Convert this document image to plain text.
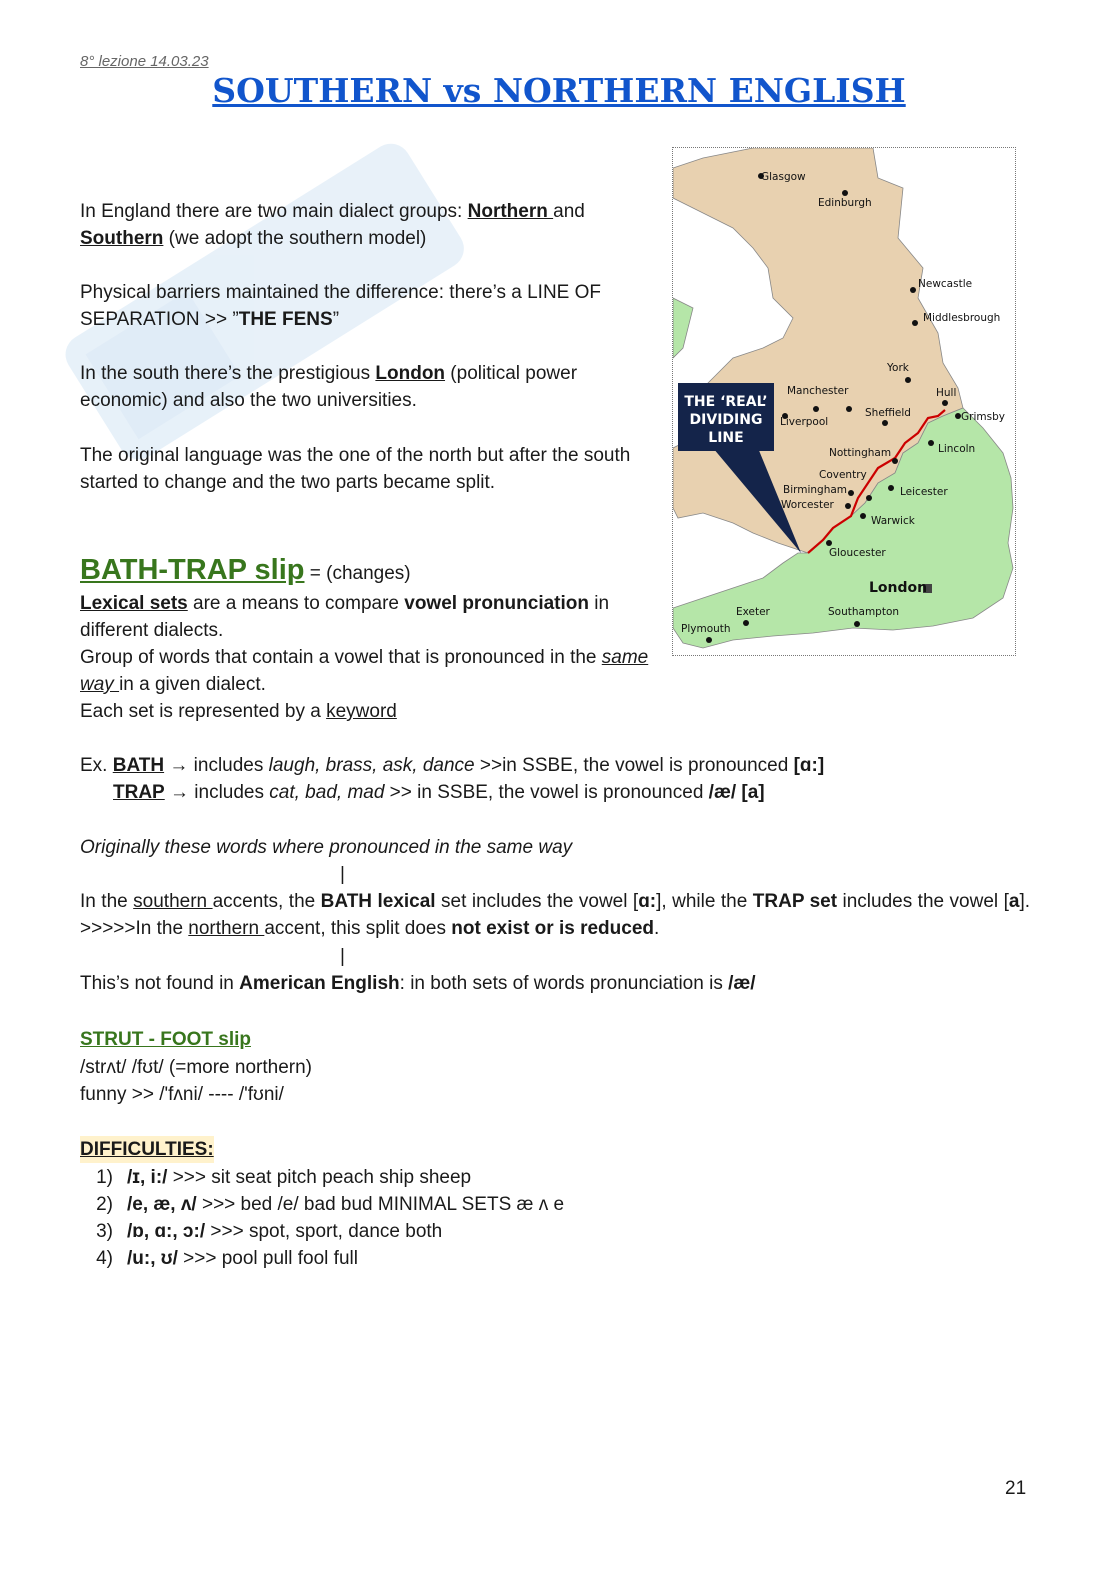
8° lezione 14.03.23
SOUTHERN vs NORTHERN ENGLISH

In England there are two main dialect groups: Northern and
Southern (we adopt the southern model)

Physical barriers maintained the difference: there’s a LINE OF SEPARATION >> ”THE FENS”

In the south there’s the prestigious London (political power economic) and also the two universities.

The original language was the one of the north but after the south started to change and the two parts became split.

THE ‘REAL’
DIVIDING
LINE
Glasgow
Edinburgh
Newcastle
Middlesbrough
York
Hull
Grimsby
Manchester
Sheffield
Liverpool
Lincoln
Nottingham
Leicester
Coventry
Birmingham
Worcester
Warwick
Gloucester
London
Exeter	Southampton
Plymouth
BATH-TRAP slip = (changes)

Lexical sets are a means to compare vowel pronunciation in different dialects.
Group of words that contain a vowel that is pronounced in the same way in a given dialect.
Each set is represented by a keyword

Ex. BATH → includes laugh, brass, ask, dance >>in SSBE, the vowel is pronounced [ɑ:]

TRAP → includes cat, bad, mad >> in SSBE, the vowel is pronounced /æ/ [a]

Originally these words where pronounced in the same way

|

In the southern accents, the BATH lexical set includes the vowel [ɑ:], while the TRAP set includes the vowel [a]. >>>>>In the northern accent, this split does not exist or is reduced.

|

This’s not found in American English: in both sets of words pronunciation is /æ/

STRUT - FOOT slip
/strʌt/ /fʊt/ (=more northern)
funny >> /'fʌni/ ---- /'fʊni/
DIFFICULTIES:
1) /ɪ, i:/ >>> sit seat pitch peach ship sheep
2) /e, æ, ʌ/ >>> bed /e/ bad bud MINIMAL SETS æ ʌ e
3) /ɒ, ɑ:, ɔ:/ >>> spot, sport, dance both
4) /u:, ʊ/ >>> pool pull fool full
21
